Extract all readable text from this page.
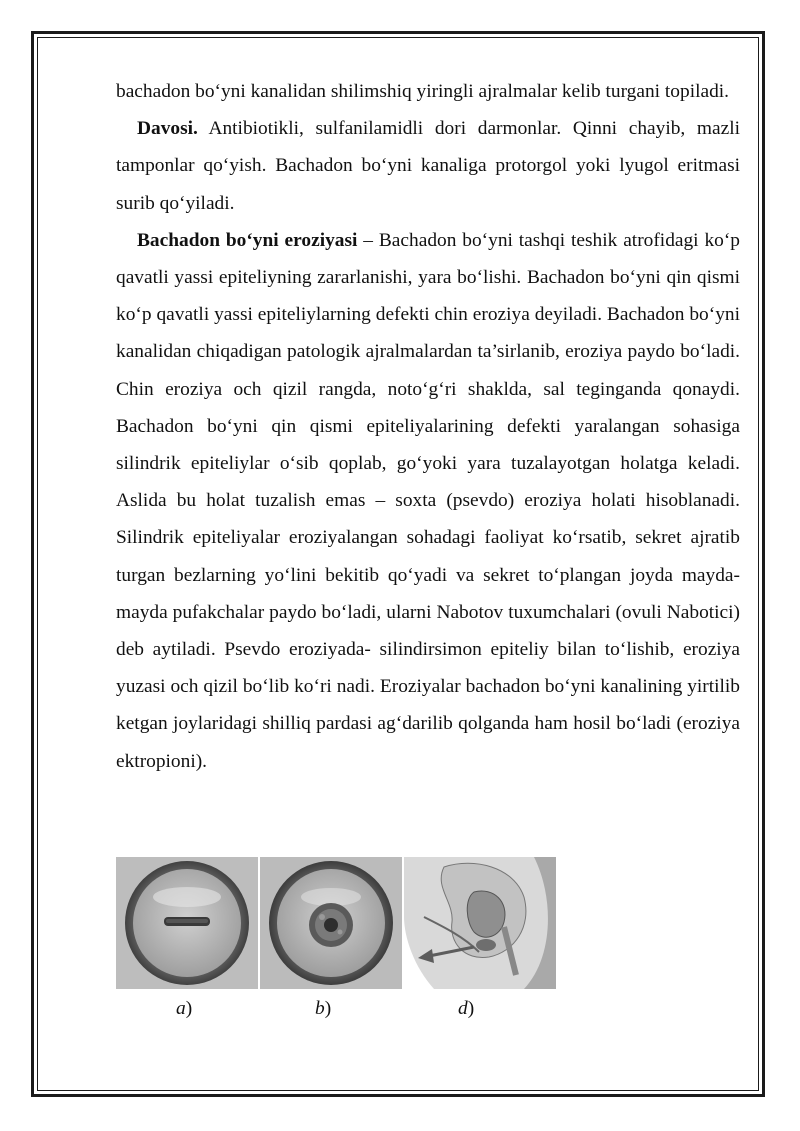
bachadon bo‘yni kanalidan shilimshiq yiringli ajralmalar kelib turgani topiladi.

Davosi. Antibiotikli, sulfanilamidli dori darmonlar. Qinni chayib, mazli tamponlar qo‘yish. Bachadon bo‘yni kanaliga protorgol yoki lyugol eritmasi surib qo‘yiladi.

Bachadon bo‘yni eroziyasi – Bachadon bo‘yni tashqi teshik atrofidagi ko‘p qavatli yassi epiteliyning zararlanishi, yara bo‘lishi. Bachadon bo‘yni qin qismi ko‘p qavatli yassi epiteliylarning defekti chin eroziya deyiladi. Bachadon bo‘yni kanalidan chiqadigan patologik ajralmalardan ta’sirlanib, eroziya paydo bo‘ladi. Chin eroziya och qizil rangda, noto‘g‘ri shaklda, sal teginganda qonaydi. Bachadon bo‘yni qin qismi epiteliyalarining defekti yaralangan sohasiga silindrik epiteliylar o‘sib qoplab, go‘yoki yara tuzalayotgan holatga keladi. Aslida bu holat tuzalish emas – soxta (psevdo) eroziya holati hisoblanadi. Silindrik epiteliyalar eroziyalangan sohadagi faoliyat ko‘rsatib, sekret ajratib turgan bezlarning yo‘lini bekitib qo‘yadi va sekret to‘plangan joyda mayda-mayda pufakchalar paydo bo‘ladi, ularni Nabotov tuxumchalari (ovuli Nabotici) deb aytiladi. Psevdo eroziyada- silindirsimon epiteliy bilan to‘lishib, eroziya yuzasi och qizil bo‘lib ko‘ri nadi. Eroziyalar bachadon bo‘yni kanalining yirtilib ketgan joylaridagi shilliq pardasi ag‘darilib qolganda ham hosil bo‘ladi (eroziya ektropioni).

a)	b)	d)
